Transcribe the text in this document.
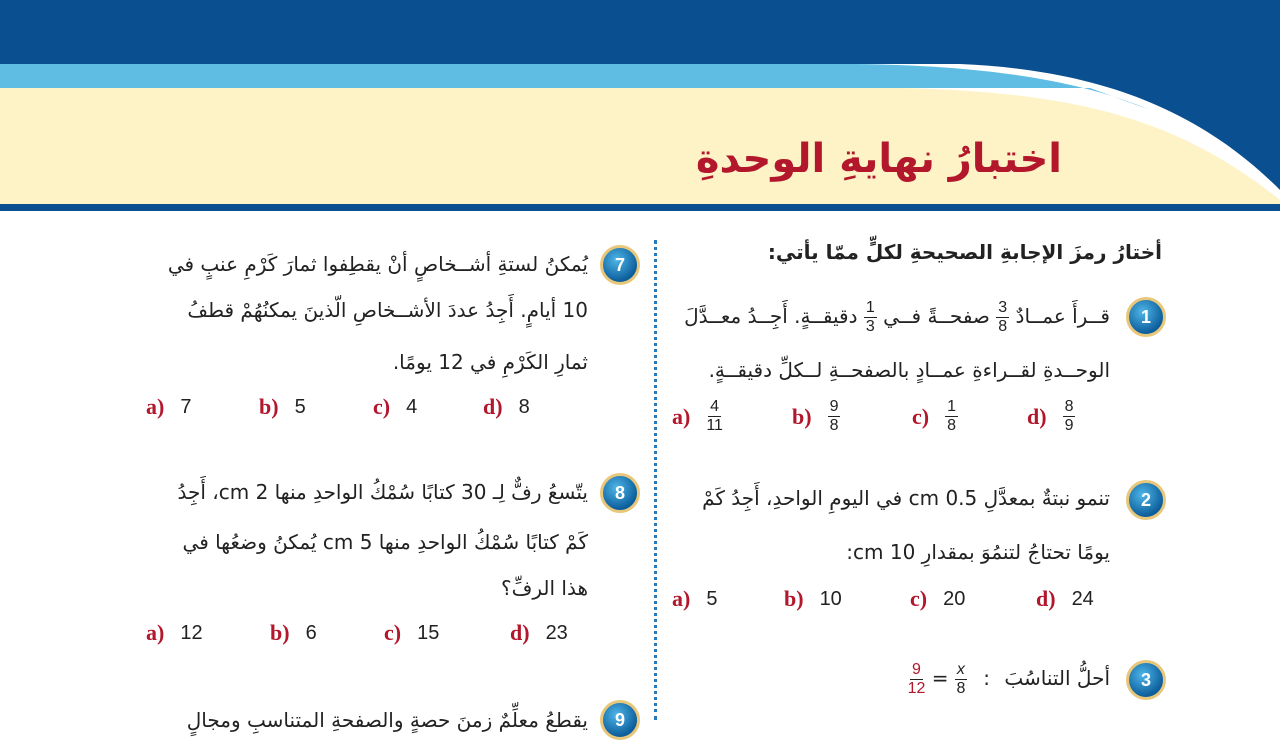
اختبارُ نهايةِ الوحدةِ
أختارُ رمزَ الإجابةِ الصحيحةِ لكلٍّ ممّا يأتي:
1
قــرأَ عمــادٌ
$\frac{3}{8}$
صفحــةً فــي
$\frac{1}{3}$
دقيقــةٍ. أَجِــدُ معــدَّلَ
الوحــدةِ لقــراءةِ عمــادٍ بالصفحــةِ لــكلِّ دقيقــةٍ.
$a) \frac{4}{11}$	$b) \frac{9}{8}$	$c) \frac{1}{8}$	$d) \frac{8}{9}$
2
تنمو نبتةٌ بمعدَّلِ 0.5 cm في اليومِ الواحدِ، أَجِدُ كَمْ
يومًا تحتاجُ لتنمُوَ بمقدارِ 10 cm:
a) 5	b) 10	c) 20	d) 24
3
أحلُّ التناسُبَ
$\frac{9}{12} = \frac{x}{8}$ :
7
يُمكنُ لستةِ أشــخاصٍ أنْ يقطِفوا ثمارَ كَرْمِ عنبٍ في
10 أيامٍ. أَجِدُ عددَ الأشــخاصِ الّذينَ يمكنُهُمْ قطفُ
ثمارِ الكَرْمِ في 12 يومًا.
a) 7	b) 5	c) 4	d) 8
8
يتّسعُ رفٌّ لِـ 30 كتابًا سُمْكُ الواحدِ منها 2 cm، أَجِدُ
كَمْ كتابًا سُمْكُ الواحدِ منها 5 cm يُمكنُ وضعُها في
هذا الرفِّ؟
a) 12	b) 6	c) 15	d) 23
9
يقطعُ معلِّمٌ زمنَ حصةٍ والصفحةِ المتناسبِ ومجالٍ
